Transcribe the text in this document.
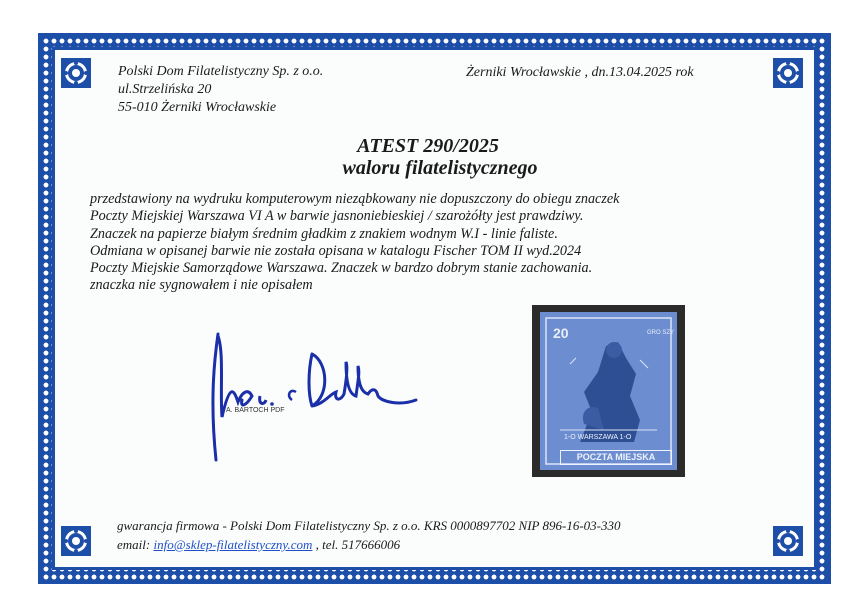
Polski Dom Filatelistyczny Sp. z o.o.
ul.Strzelińska 20
55-010 Żerniki Wrocławskie
Żerniki Wrocławskie , dn.13.04.2025 rok
ATEST 290/2025
waloru filatelistycznego
przedstawiony na wydruku komputerowym nieząbkowany nie dopuszczony do obiegu znaczek
Poczty Miejskiej Warszawa VI A w barwie jasnoniebieskiej / szarożółty jest prawdziwy.
Znaczek na papierze białym średnim gładkim z znakiem wodnym W.I - linie faliste.
Odmiana w opisanej barwie nie została opisana w katalogu Fischer TOM II wyd.2024
Poczty Miejskie Samorządowe Warszawa. Znaczek w bardzo dobrym stanie zachowania.
znaczka nie sygnowałem i nie opisałem
A. BARTOCH PDF
20	GRO SZY
1-O WARSZAWA 1-O
POCZTA MIEJSKA
gwarancja firmowa - Polski Dom Filatelistyczny Sp. z o.o. KRS 0000897702 NIP 896-16-03-330
email: info@sklep-filatelistyczny.com , tel. 517666006
